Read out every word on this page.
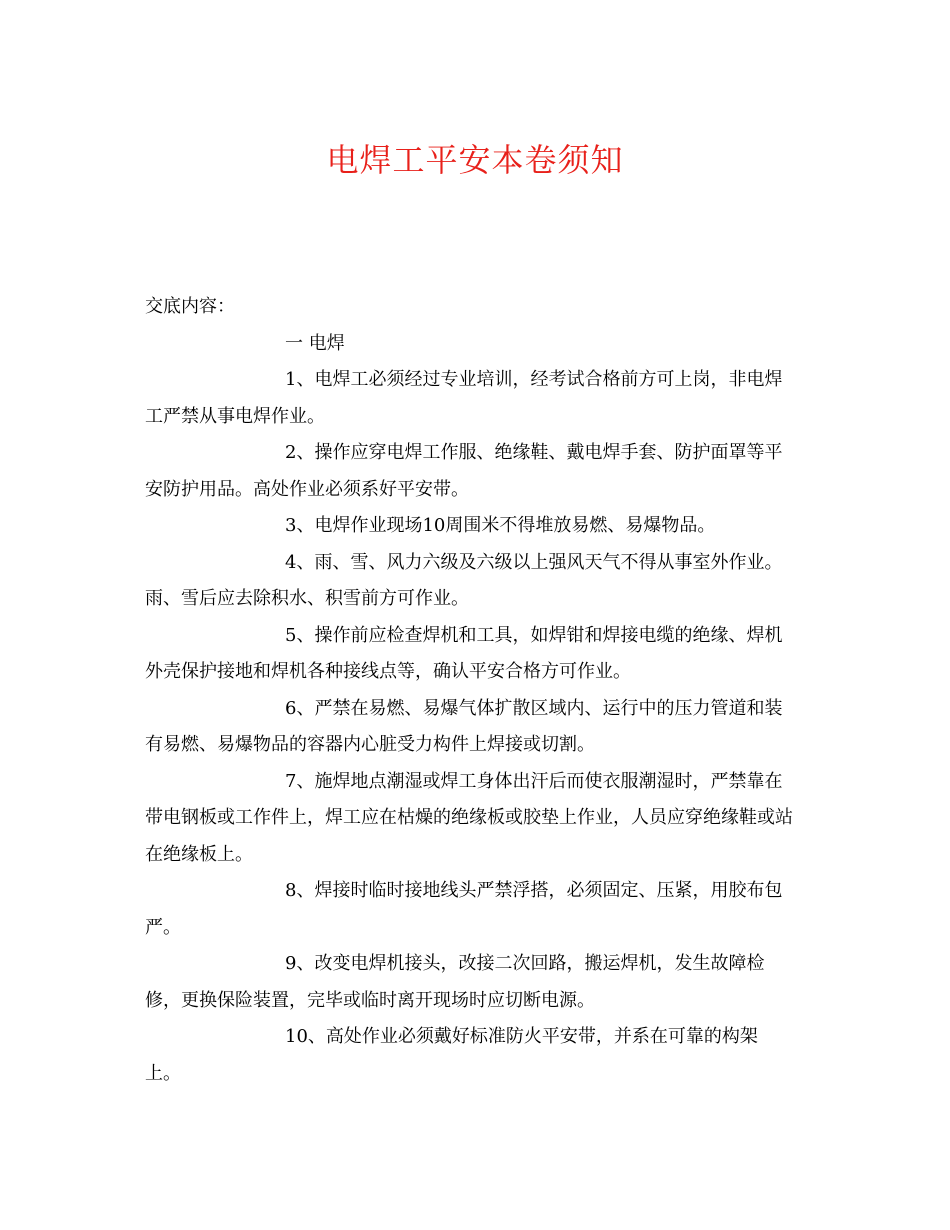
电焊工平安本卷须知

交底内容：

一 电焊

1、电焊工必须经过专业培训，经考试合格前方可上岗，非电焊工严禁从事电焊作业。

2、操作应穿电焊工作服、绝缘鞋、戴电焊手套、防护面罩等平安防护用品。高处作业必须系好平安带。

3、电焊作业现场10周围米不得堆放易燃、易爆物品。

4、雨、雪、风力六级及六级以上强风天气不得从事室外作业。雨、雪后应去除积水、积雪前方可作业。

5、操作前应检查焊机和工具，如焊钳和焊接电缆的绝缘、焊机外壳保护接地和焊机各种接线点等，确认平安合格方可作业。

6、严禁在易燃、易爆气体扩散区域内、运行中的压力管道和装有易燃、易爆物品的容器内心脏受力构件上焊接或切割。

7、施焊地点潮湿或焊工身体出汗后而使衣服潮湿时，严禁靠在带电钢板或工作件上，焊工应在枯燥的绝缘板或胶垫上作业，人员应穿绝缘鞋或站在绝缘板上。

8、焊接时临时接地线头严禁浮搭，必须固定、压紧，用胶布包严。

9、改变电焊机接头，改接二次回路，搬运焊机，发生故障检修，更换保险装置，完毕或临时离开现场时应切断电源。

10、高处作业必须戴好标准防火平安带，并系在可靠的构架上。
